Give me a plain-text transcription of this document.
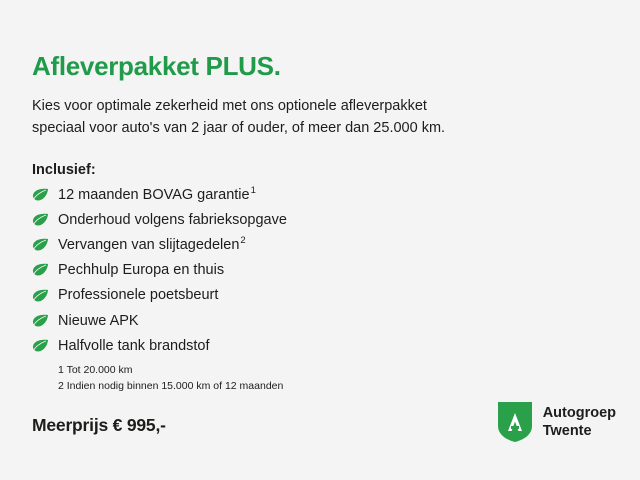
Afleverpakket PLUS.
Kies voor optimale zekerheid met ons optionele afleverpakket
speciaal voor auto's van 2 jaar of ouder, of meer dan 25.000 km.
Inclusief:
12 maanden BOVAG garantie$^1$
Onderhoud volgens fabrieksopgave
Vervangen van slijtagedelen$^2$
Pechhulp Europa en thuis
Professionele poetsbeurt
Nieuwe APK
Halfvolle tank brandstof
1 Tot 20.000 km
2 Indien nodig binnen 15.000 km of 12 maanden
Meerprijs € 995,-
Autogroep
Twente
